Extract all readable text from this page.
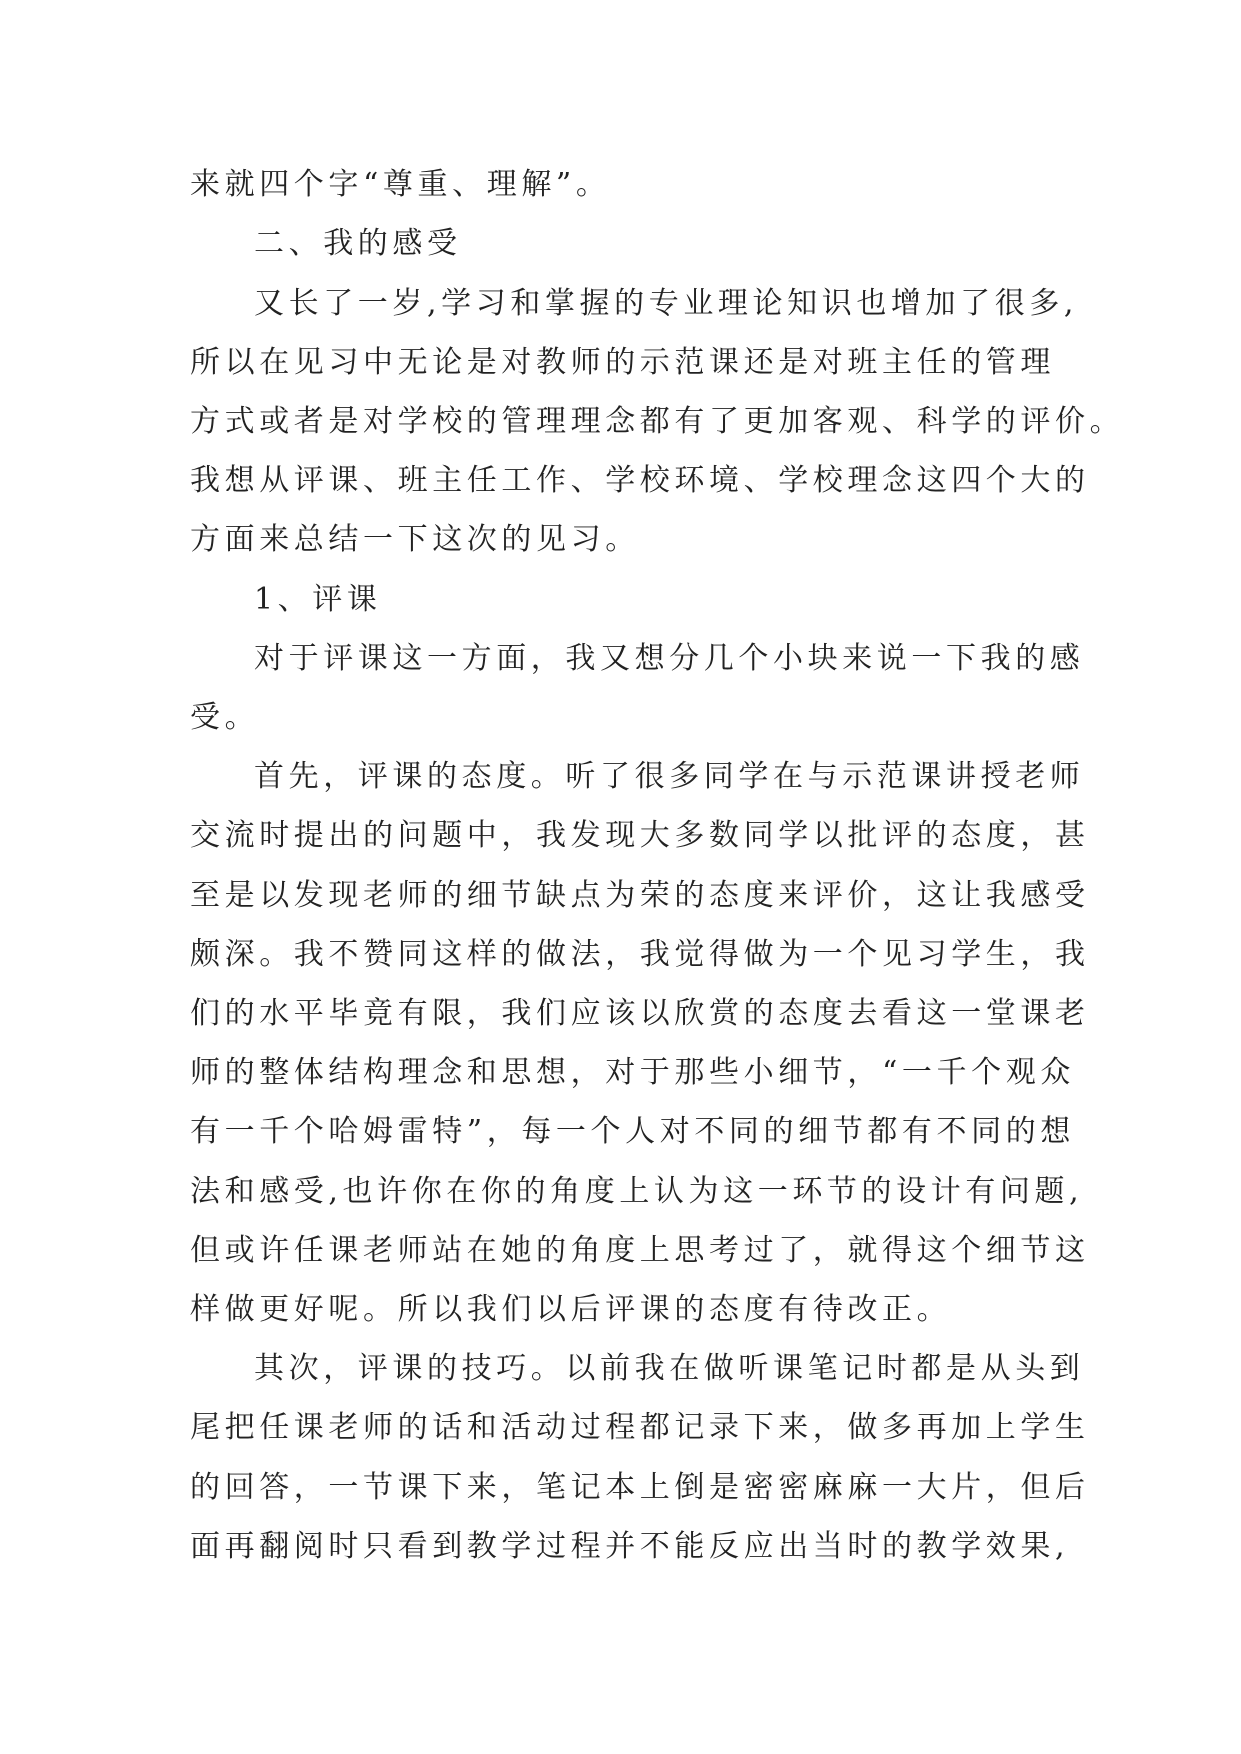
来就四个字“尊重、理解”。
二、我的感受
又长了一岁,学习和掌握的专业理论知识也增加了很多,
所以在见习中无论是对教师的示范课还是对班主任的管理
方式或者是对学校的管理理念都有了更加客观、科学的评价。
我想从评课、班主任工作、学校环境、学校理念这四个大的
方面来总结一下这次的见习。
1、评课
对于评课这一方面，我又想分几个小块来说一下我的感
受。
首先，评课的态度。听了很多同学在与示范课讲授老师
交流时提出的问题中，我发现大多数同学以批评的态度，甚
至是以发现老师的细节缺点为荣的态度来评价，这让我感受
颇深。我不赞同这样的做法，我觉得做为一个见习学生，我
们的水平毕竟有限，我们应该以欣赏的态度去看这一堂课老
师的整体结构理念和思想，对于那些小细节，“一千个观众
有一千个哈姆雷特”，每一个人对不同的细节都有不同的想
法和感受,也许你在你的角度上认为这一环节的设计有问题,
但或许任课老师站在她的角度上思考过了，就得这个细节这
样做更好呢。所以我们以后评课的态度有待改正。
其次，评课的技巧。以前我在做听课笔记时都是从头到
尾把任课老师的话和活动过程都记录下来，做多再加上学生
的回答，一节课下来，笔记本上倒是密密麻麻一大片，但后
面再翻阅时只看到教学过程并不能反应出当时的教学效果,
